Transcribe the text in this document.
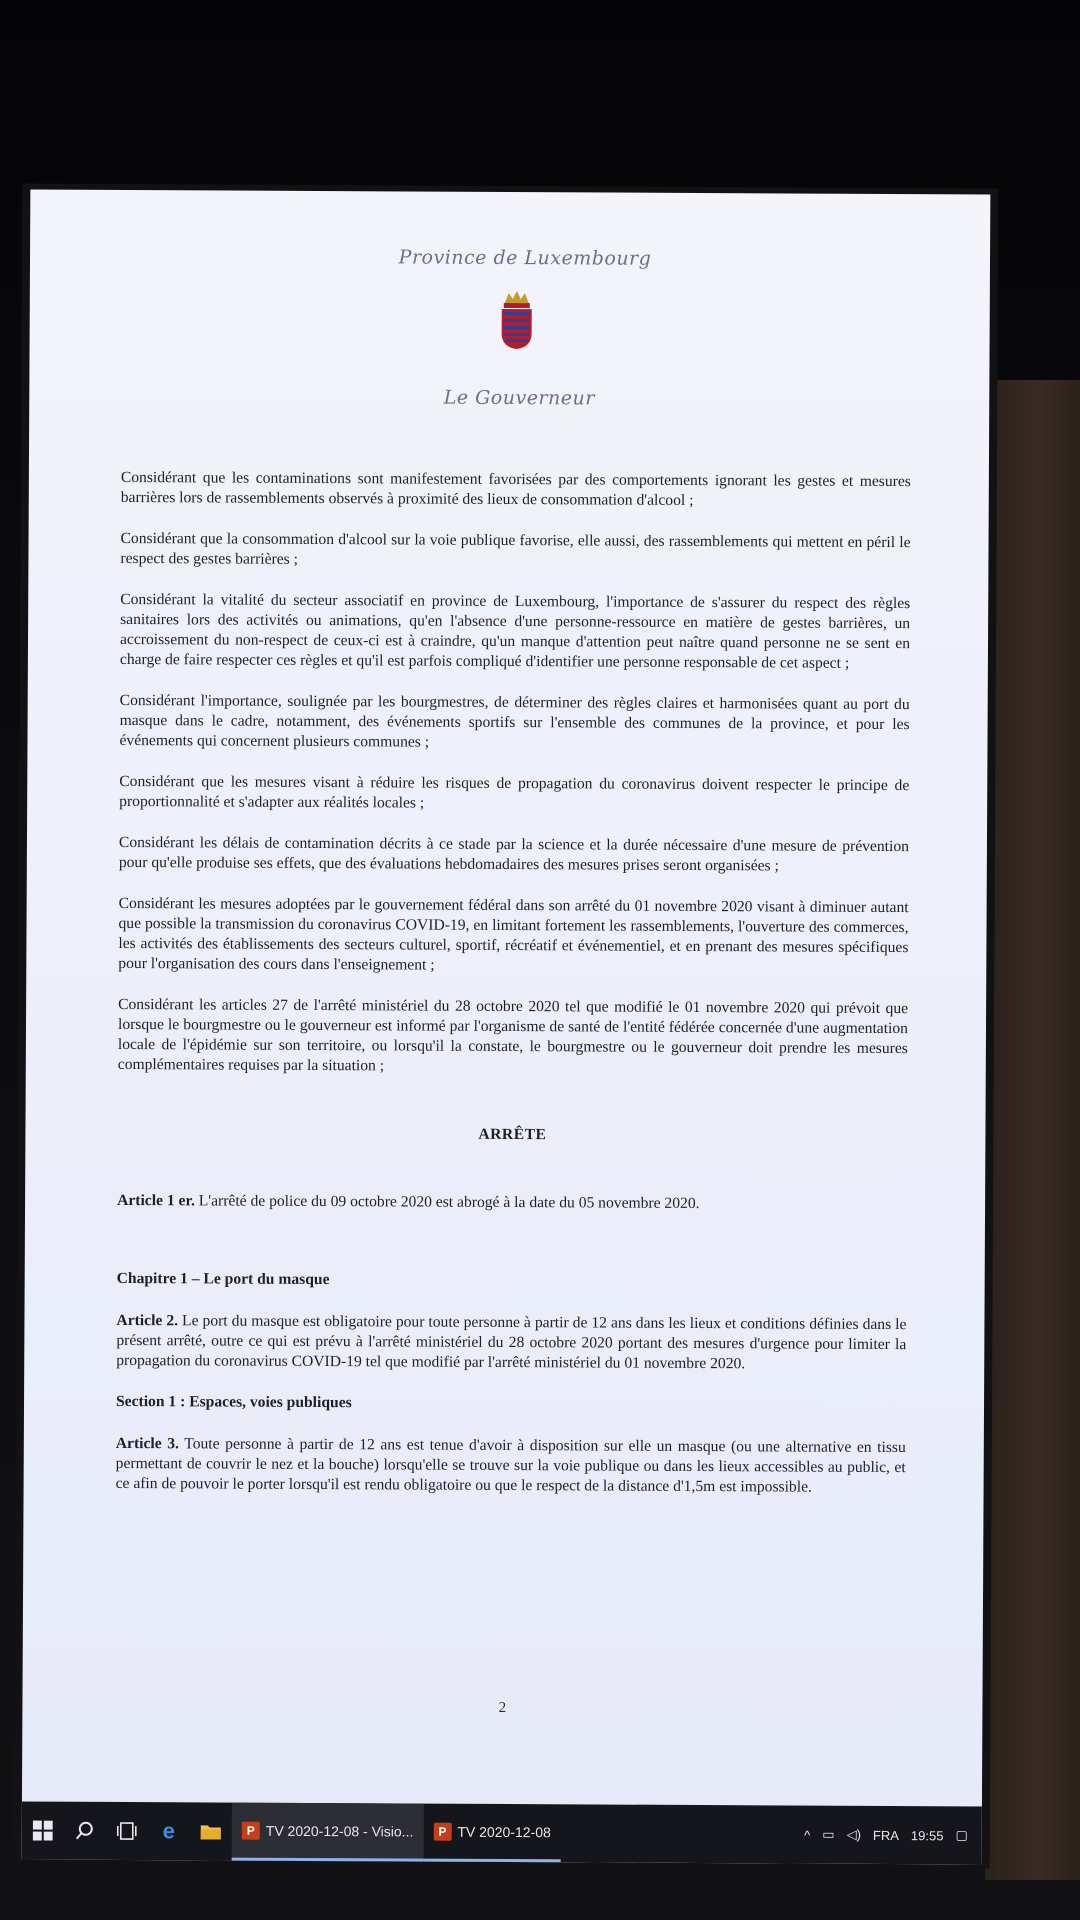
Province de Luxembourg
Le Gouverneur

Considérant que les contaminations sont manifestement favorisées par des comportements ignorant les gestes et mesures barrières lors de rassemblements observés à proximité des lieux de consommation d'alcool ;

Considérant que la consommation d'alcool sur la voie publique favorise, elle aussi, des rassemblements qui mettent en péril le respect des gestes barrières ;

Considérant la vitalité du secteur associatif en province de Luxembourg, l'importance de s'assurer du respect des règles sanitaires lors des activités ou animations, qu'en l'absence d'une personne-ressource en matière de gestes barrières, un accroissement du non-respect de ceux-ci est à craindre, qu'un manque d'attention peut naître quand personne ne se sent en charge de faire respecter ces règles et qu'il est parfois compliqué d'identifier une personne responsable de cet aspect ;

Considérant l'importance, soulignée par les bourgmestres, de déterminer des règles claires et harmonisées quant au port du masque dans le cadre, notamment, des événements sportifs sur l'ensemble des communes de la province, et pour les événements qui concernent plusieurs communes ;

Considérant que les mesures visant à réduire les risques de propagation du coronavirus doivent respecter le principe de proportionnalité et s'adapter aux réalités locales ;

Considérant les délais de contamination décrits à ce stade par la science et la durée nécessaire d'une mesure de prévention pour qu'elle produise ses effets, que des évaluations hebdomadaires des mesures prises seront organisées ;

Considérant les mesures adoptées par le gouvernement fédéral dans son arrêté du 01 novembre 2020 visant à diminuer autant que possible la transmission du coronavirus COVID-19, en limitant fortement les rassemblements, l'ouverture des commerces, les activités des établissements des secteurs culturel, sportif, récréatif et événementiel, et en prenant des mesures spécifiques pour l'organisation des cours dans l'enseignement ;

Considérant les articles 27 de l'arrêté ministériel du 28 octobre 2020 tel que modifié le 01 novembre 2020 qui prévoit que lorsque le bourgmestre ou le gouverneur est informé par l'organisme de santé de l'entité fédérée concernée d'une augmentation locale de l'épidémie sur son territoire, ou lorsqu'il la constate, le bourgmestre ou le gouverneur doit prendre les mesures complémentaires requises par la situation ;

ARRÊTE

Article 1 er. L'arrêté de police du 09 octobre 2020 est abrogé à la date du 05 novembre 2020.

Chapitre 1 – Le port du masque

Article 2. Le port du masque est obligatoire pour toute personne à partir de 12 ans dans les lieux et conditions définies dans le présent arrêté, outre ce qui est prévu à l'arrêté ministériel du 28 octobre 2020 portant des mesures d'urgence pour limiter la propagation du coronavirus COVID-19 tel que modifié par l'arrêté ministériel du 01 novembre 2020.

Section 1 : Espaces, voies publiques

Article 3. Toute personne à partir de 12 ans est tenue d'avoir à disposition sur elle un masque (ou une alternative en tissu permettant de couvrir le nez et la bouche) lorsqu'elle se trouve sur la voie publique ou dans les lieux accessibles au public, et ce afin de pouvoir le porter lorsqu'il est rendu obligatoire ou que le respect de la distance d'1,5m est impossible.

2
e	P TV 2020-12-08 - Visio...	P TV 2020-12-08	^ ▭ ◁) FRA 19:55 ▢
